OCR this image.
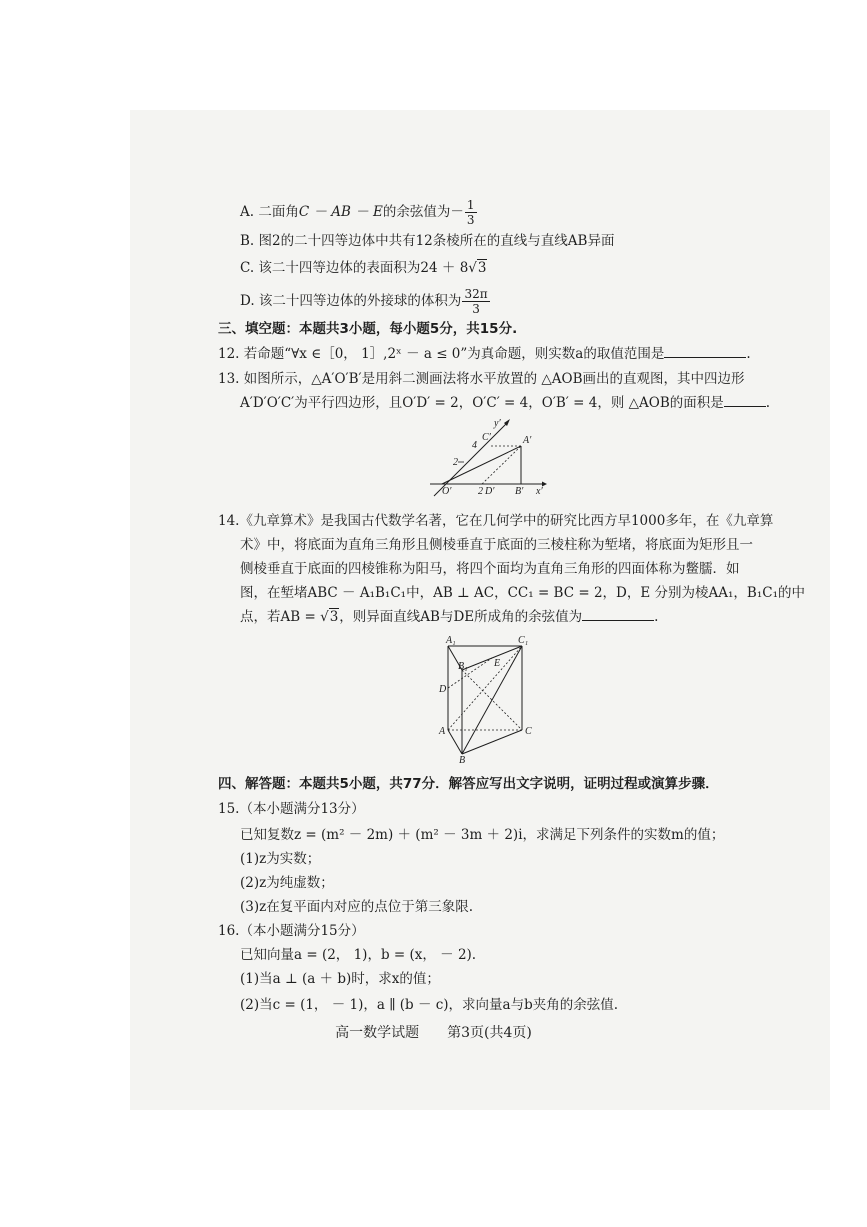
A. 二面角C － AB － E的余弦值为－ $\frac{1}{3}$
B. 图2的二十四等边体中共有12条棱所在的直线与直线AB异面
C. 该二十四等边体的表面积为24 ＋ 8√3
D. 该二十四等边体的外接球的体积为 $\frac{32\pi}{3}$
三、填空题：本题共3小题，每小题5分，共15分.
12. 若命题“∀x ∈［0， 1］,2ˣ － a ≤ 0”为真命题，则实数a的取值范围是	.
13. 如图所示，△A′O′B′是用斜二测画法将水平放置的 △AOB画出的直观图，其中四边形
A′D′O′C′为平行四边形，且O′D′ = 2，O′C′ = 4，O′B′ = 4，则 △AOB的面积是	.
y′
x′
O′	2 D′ B′
A′
C′
4
2
14.《九章算术》是我国古代数学名著，它在几何学中的研究比西方早1000多年，在《九章算
术》中，将底面为直角三角形且侧棱垂直于底面的三棱柱称为堑堵，将底面为矩形且一
侧棱垂直于底面的四棱锥称为阳马，将四个面均为直角三角形的四面体称为鳖臑．如
图，在堑堵ABC － A₁B₁C₁中，AB ⊥ AC，CC₁ = BC = 2，D，E 分别为棱AA₁，B₁C₁的中
点，若AB = √3，则异面直线AB与DE所成角的余弦值为	.
A₁	C₁
B₁	E
D
A	C
B
四、解答题：本题共5小题，共77分．解答应写出文字说明，证明过程或演算步骤．
15.（本小题满分13分）
已知复数z = (m² － 2m) ＋ (m² － 3m ＋ 2)i，求满足下列条件的实数m的值；
(1)z为实数；
(2)z为纯虚数；
(3)z在复平面内对应的点位于第三象限.
16.（本小题满分15分）
已知向量a = (2， 1)，b = (x， － 2).
(1)当a ⊥ (a ＋ b)时，求x的值；
(2)当c = (1， － 1)，a ∥ (b － c)，求向量a与b夹角的余弦值.
高一数学试题 第3页(共4页)
